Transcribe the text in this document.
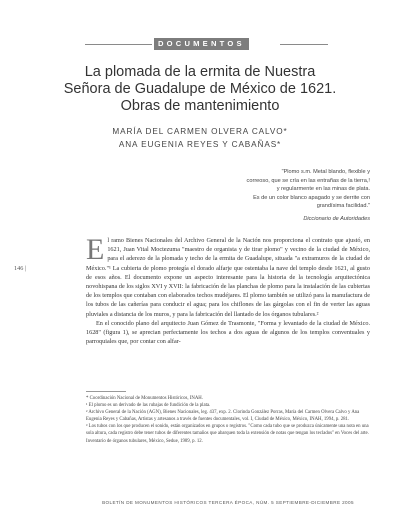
DOCUMENTOS
La plomada de la ermita de Nuestra Señora de Guadalupe de México de 1621. Obras de mantenimiento
MARÍA DEL CARMEN OLVERA CALVO*
ANA EUGENIA REYES Y CABAÑAS*
"Plomo s.m. Metal blando, flexible y
correoso, que se cría en las entrañas de la tierra,!
y regularmente en las minas de plata.
Es de un color blanco apagado y se derrite con
grandísima facilidad."
Diccionario de Autoridades
146 |

El ramo Bienes Nacionales del Archivo General de la Nación nos proporciona el contrato que ajustó, en 1621, Juan Vital Moctezuma "maestro de organista y de tirar plomo" y vecino de la ciudad de México, para el aderezo de la plomada y techo de la ermita de Guadalupe, situada "a extramuros de la ciudad de México."¹ La cubierta de plomo protegía el dorado alfarje que ostentaba la nave del templo desde 1621, al gusto de esos años. El documento expone un aspecto interesante para la historia de la tecnología arquitectónica novohispana de los siglos XVI y XVII: la fabricación de las planchas de plomo para la instalación de las cubiertas de los templos que contaban con elaborados techos mudéjares. El plomo también se utilizó para la manufactura de los tubos de las cañerías para conducir el agua; para los chiflones de las gárgolas con el fin de verter las aguas pluviales a distancia de los muros, y para la fabricación del llantado de los órganos tubulares.²

En el conocido plano del arquitecto Juan Gómez de Trasmonte, "Forma y levantado de la ciudad de México. 1628" (figura 1), se aprecian perfectamente los techos a dos aguas de algunos de los templos conventuales y parroquiales que, por contar con alfar-

* Coordinación Nacional de Monumentos Históricos, INAH.
¹ El plomo es un derivado de las rubajas de fundición de la plata.
² Archivo General de la Nación (AGN), Bienes Nacionales, leg. 437, exp. 2. Clorinda González Porras, María del Carmen Olvera Calvo y Ana Eugenia Reyes y Cabañas, Artistas y artesanos a través de fuentes documentales, vol. I, Ciudad de México, México, INAH, 1994, p. 281.
³ Los tubos con los que producen el sonido, están organizados en grupos o registros. "Como cada tubo que se produzca únicamente una nota en una sola altura, cada registro debe tener tubos de diferentes tamaños que abarquen toda la extensión de notas que tengan los teclados" en Voces del arte. Inventario de órganos tubulares, México, Sedue, 1989, p. 12.
BOLETÍN DE MONUMENTOS HISTÓRICOS TERCERA ÉPOCA, NÚM. 5 SEPTIEMBRE-DICIEMBRE 2005
